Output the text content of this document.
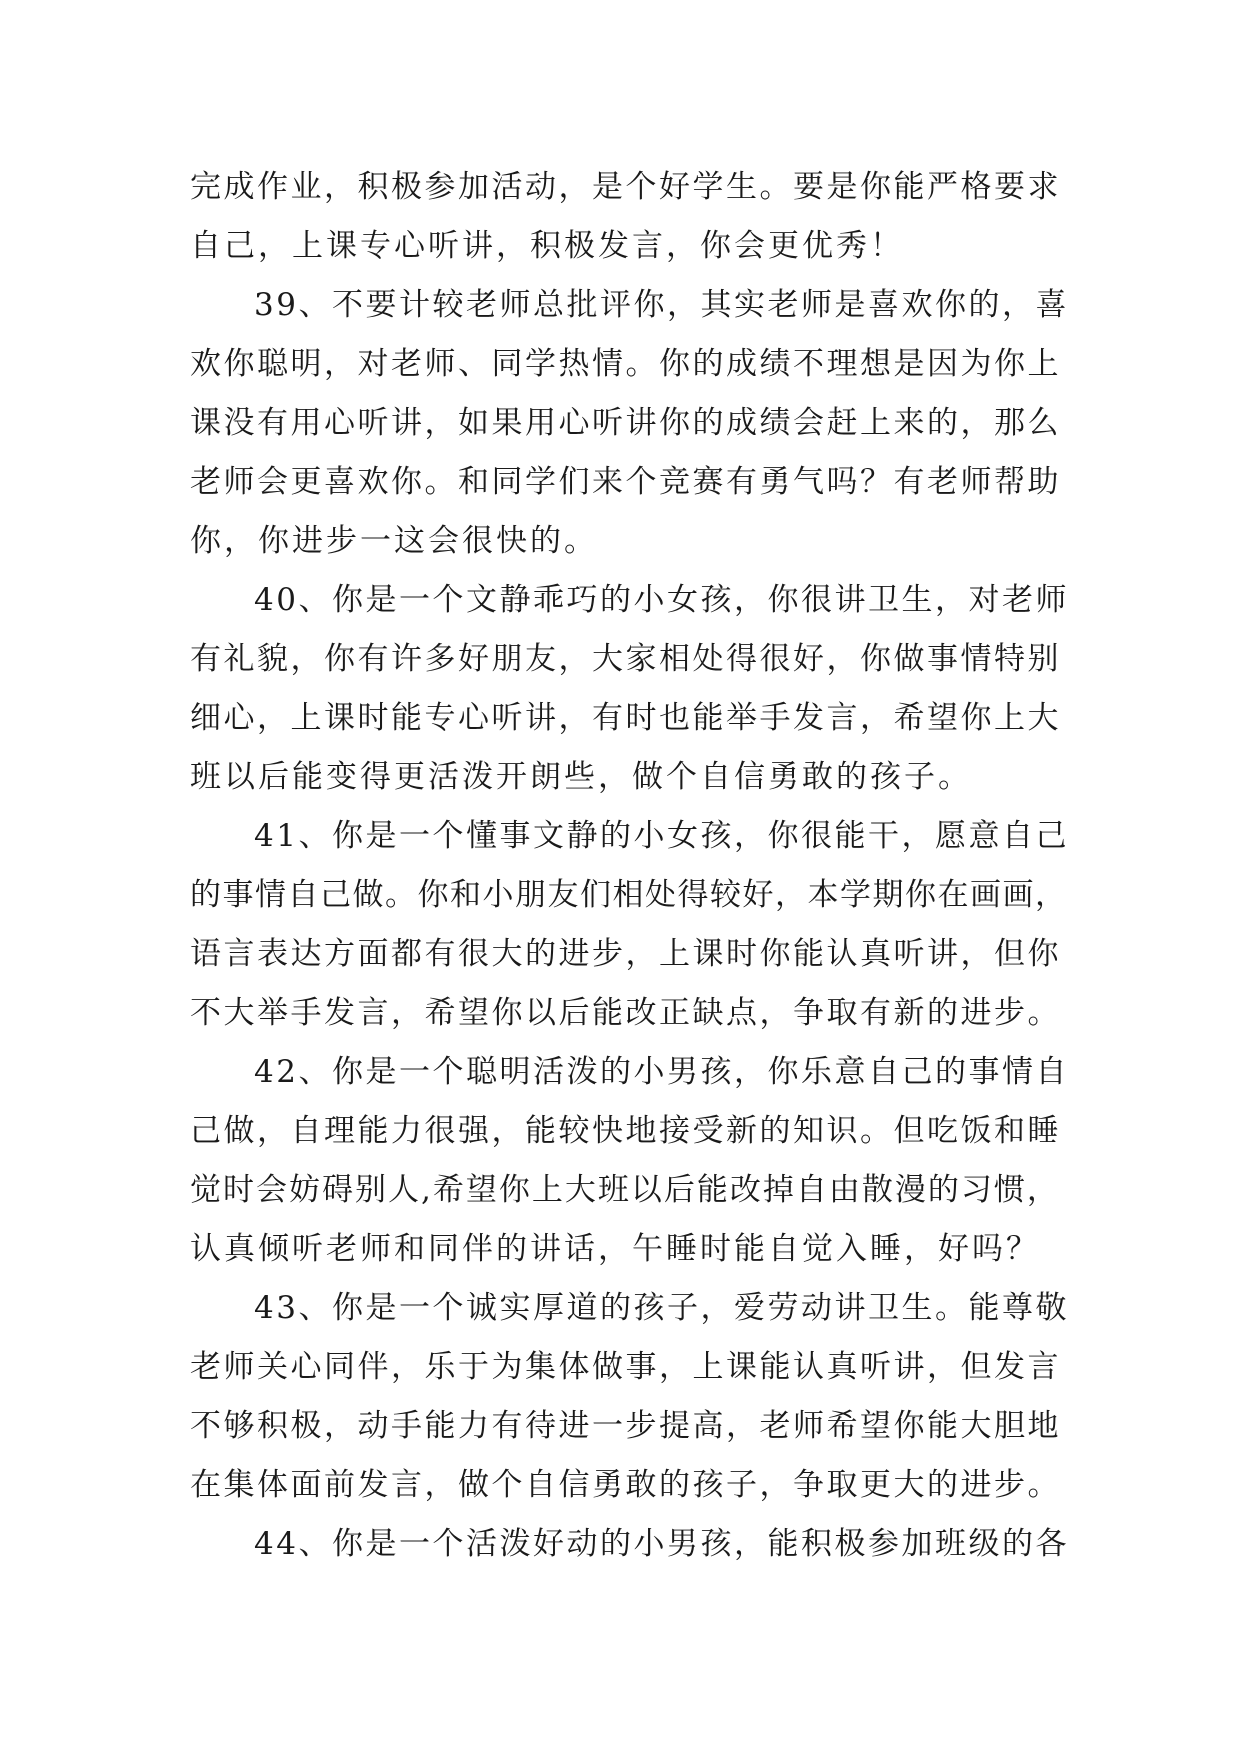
完成作业，积极参加活动，是个好学生。要是你能严格要求
自己，上课专心听讲，积极发言，你会更优秀！

39、不要计较老师总批评你，其实老师是喜欢你的，喜
欢你聪明，对老师、同学热情。你的成绩不理想是因为你上
课没有用心听讲，如果用心听讲你的成绩会赶上来的，那么
老师会更喜欢你。和同学们来个竞赛有勇气吗？有老师帮助
你，你进步一这会很快的。

40、你是一个文静乖巧的小女孩，你很讲卫生，对老师
有礼貌，你有许多好朋友，大家相处得很好，你做事情特别
细心，上课时能专心听讲，有时也能举手发言，希望你上大
班以后能变得更活泼开朗些，做个自信勇敢的孩子。

41、你是一个懂事文静的小女孩，你很能干，愿意自己
的事情自己做。你和小朋友们相处得较好，本学期你在画画，
语言表达方面都有很大的进步，上课时你能认真听讲，但你
不大举手发言，希望你以后能改正缺点，争取有新的进步。

42、你是一个聪明活泼的小男孩，你乐意自己的事情自
己做，自理能力很强，能较快地接受新的知识。但吃饭和睡
觉时会妨碍别人,希望你上大班以后能改掉自由散漫的习惯，
认真倾听老师和同伴的讲话，午睡时能自觉入睡，好吗？

43、你是一个诚实厚道的孩子，爱劳动讲卫生。能尊敬
老师关心同伴，乐于为集体做事，上课能认真听讲，但发言
不够积极，动手能力有待进一步提高，老师希望你能大胆地
在集体面前发言，做个自信勇敢的孩子，争取更大的进步。

44、你是一个活泼好动的小男孩，能积极参加班级的各
